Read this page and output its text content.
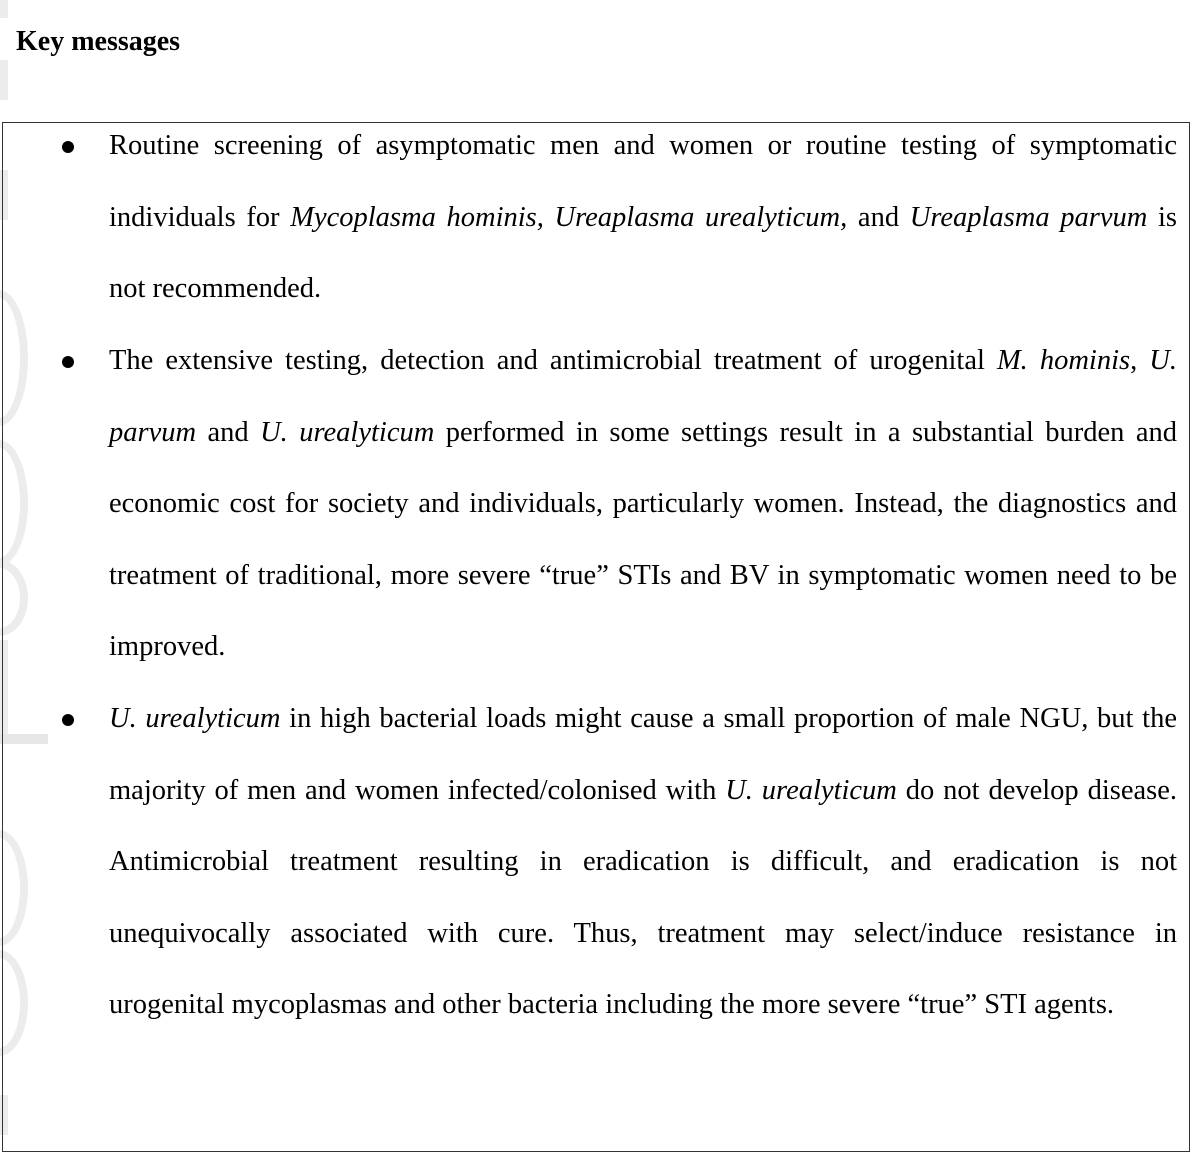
Key messages
Routine screening of asymptomatic men and women or routine testing of symptomatic individuals for Mycoplasma hominis, Ureaplasma urealyticum, and Ureaplasma parvum is not recommended.
The extensive testing, detection and antimicrobial treatment of urogenital M. hominis, U. parvum and U. urealyticum performed in some settings result in a substantial burden and economic cost for society and individuals, particularly women. Instead, the diagnostics and treatment of traditional, more severe “true” STIs and BV in symptomatic women need to be improved.
U. urealyticum in high bacterial loads might cause a small proportion of male NGU, but the majority of men and women infected/colonised with U. urealyticum do not develop disease. Antimicrobial treatment resulting in eradication is difficult, and eradication is not unequivocally associated with cure. Thus, treatment may select/induce resistance in urogenital mycoplasmas and other bacteria including the more severe “true” STI agents.
